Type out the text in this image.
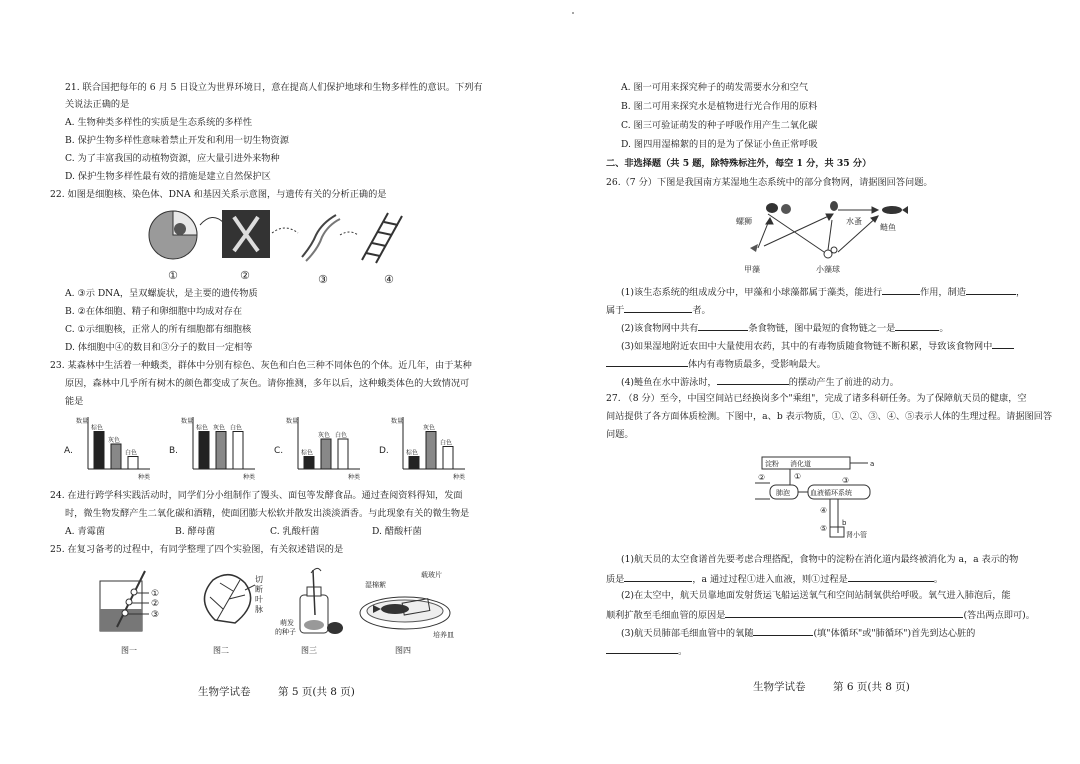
21. 联合国把每年的 6 月 5 日设立为世界环境日，意在提高人们保护地球和生物多样性的意识。下列有
关说法正确的是
A. 生物种类多样性的实质是生态系统的多样性
B. 保护生物多样性意味着禁止开发和利用一切生物资源
C. 为了丰富我国的动植物资源，应大量引进外来物种
D. 保护生物多样性最有效的措施是建立自然保护区
22. 如图是细胞核、染色体、DNA 和基因关系示意图，与遗传有关的分析正确的是
①	②	③	④
A. ③示 DNA，呈双螺旋状，是主要的遗传物质
B. ②在体细胞、精子和卵细胞中均成对存在
C. ①示细胞核，正常人的所有细胞都有细胞核
D. 体细胞中④的数目和③分子的数目一定相等
23. 某森林中生活着一种蛾类，群体中分别有棕色、灰色和白色三种不同体色的个体。近几年，由于某种
原因，森林中几乎所有树木的颜色都变成了灰色。请你推测，多年以后，这种蛾类体色的大致情况可
能是
A.
数量
种类
棕色
灰色
白色	B.
数量
种类
棕色 灰色 白色
C.
数量
种类
棕色
灰色 白色
D.
数量
种类
棕色
灰色
白色
24. 在进行跨学科实践活动时，同学们分小组制作了馒头、面包等发酵食品。通过查阅资料得知，发面
时，微生物发酵产生二氧化碳和酒精，使面团膨大松软并散发出淡淡酒香。与此现象有关的微生物是
A. 青霉菌	B. 酵母菌	C. 乳酸杆菌	D. 醋酸杆菌
25. 在复习备考的过程中，有同学整理了四个实验图，有关叙述错误的是
①
②
③
切
断
叶
脉
萌发
的种子
湿棉絮
载玻片
培养皿
图一	图二	图三	图四
生物学试卷	第 5 页(共 8 页)
A. 图一可用来探究种子的萌发需要水分和空气
B. 图二可用来探究水是植物进行光合作用的原料
C. 图三可验证萌发的种子呼吸作用产生二氧化碳
D. 图四用湿棉絮的目的是为了保证小鱼正常呼吸
二、非选择题（共 5 题，除特殊标注外，每空 1 分，共 35 分）
26.（7 分）下图是我国南方某湿地生态系统中的部分食物网，请据图回答问题。
螺狮	水蚤
鲢鱼
甲藻	小藻球
(1)该生态系统的组成成分中，甲藻和小球藻都属于藻类，能进行	作用，制造	，
属于	者。
(2)该食物网中共有	条食物链，图中最短的食物链之一是	。
(3)如果湿地附近农田中大量使用农药，其中的有毒物质随食物链不断积累，导致该食物网中
体内有毒物质最多，受影响最大。
(4)鲢鱼在水中游泳时，	的摆动产生了前进的动力。
27. （8 分）至今，中国空间站已经换岗多个"乘组"，完成了诸多科研任务。为了保障航天员的健康，空
间站提供了各方面体质检测。下图中，a、b 表示物质，①、②、③、④、⑤表示人体的生理过程。请据图回答
问题。
淀粉 消化道	a
肺泡	血液循环系统
肾小管
b
①
②	③
④
⑤
(1)航天员的太空食谱首先要考虑合理搭配，食物中的淀粉在消化道内最终被消化为 a，a 表示的物
质是	，a 通过过程①进入血液，则①过程是	。
(2)在太空中，航天员靠地面发射货运飞船运送氧气和空间站制氧供给呼吸。氧气进入肺泡后，能
顺利扩散至毛细血管的原因是	(答出两点即可)。
(3)航天员肺部毛细血管中的氧随	(填"体循环"或"肺循环")首先到达心脏的
。
生物学试卷	第 6 页(共 8 页)
